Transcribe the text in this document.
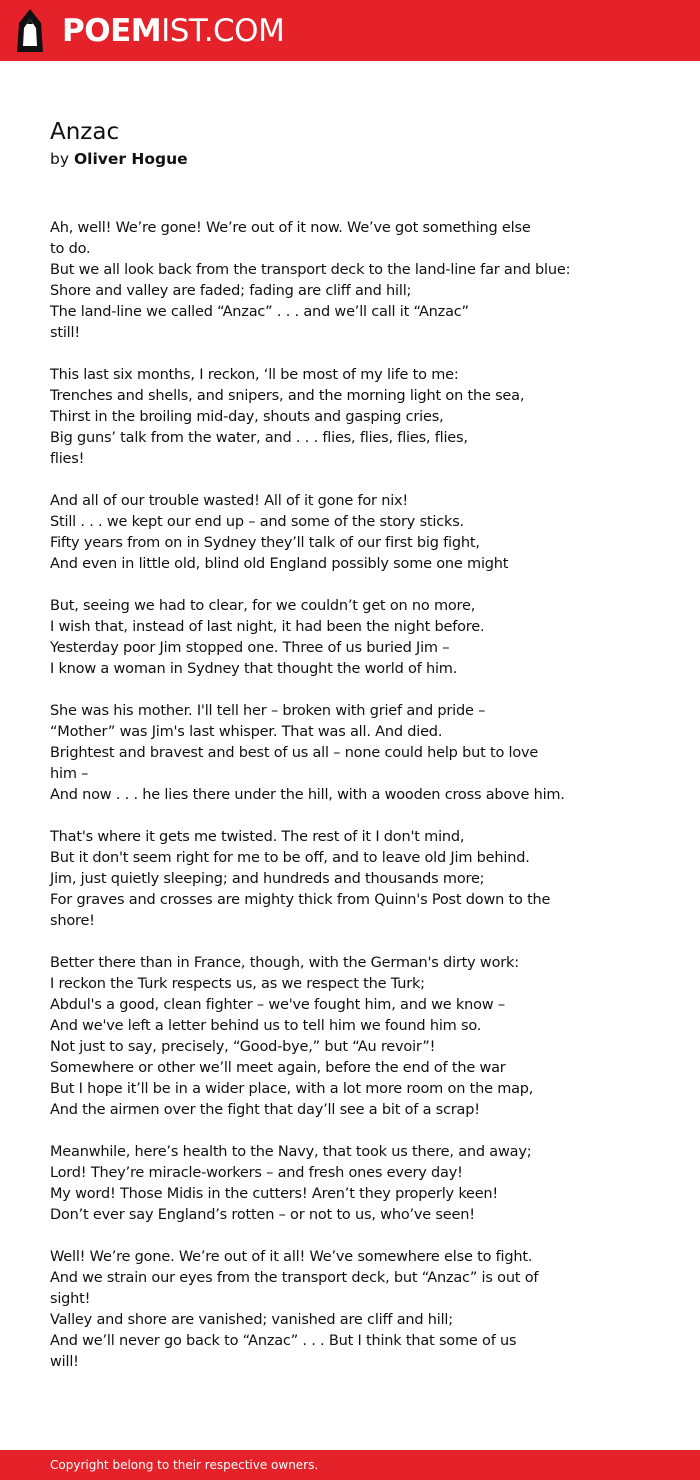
POEMIST.COM
Anzac
by Oliver Hogue
Ah, well! We’re gone! We’re out of it now. We’ve got something else
to do.
But we all look back from the transport deck to the land-line far and blue:
Shore and valley are faded; fading are cliff and hill;
The land-line we called “Anzac” . . . and we’ll call it “Anzac”
still!
This last six months, I reckon, ‘ll be most of my life to me:
Trenches and shells, and snipers, and the morning light on the sea,
Thirst in the broiling mid-day, shouts and gasping cries,
Big guns’ talk from the water, and . . . flies, flies, flies, flies,
flies!
And all of our trouble wasted! All of it gone for nix!
Still . . . we kept our end up – and some of the story sticks.
Fifty years from on in Sydney they’ll talk of our first big fight,
And even in little old, blind old England possibly some one might
But, seeing we had to clear, for we couldn’t get on no more,
I wish that, instead of last night, it had been the night before.
Yesterday poor Jim stopped one. Three of us buried Jim –
I know a woman in Sydney that thought the world of him.
She was his mother. I'll tell her – broken with grief and pride –
“Mother” was Jim's last whisper. That was all. And died.
Brightest and bravest and best of us all – none could help but to love
him –
And now . . . he lies there under the hill, with a wooden cross above him.
That's where it gets me twisted. The rest of it I don't mind,
But it don't seem right for me to be off, and to leave old Jim behind.
Jim, just quietly sleeping; and hundreds and thousands more;
For graves and crosses are mighty thick from Quinn's Post down to the
shore!
Better there than in France, though, with the German's dirty work:
I reckon the Turk respects us, as we respect the Turk;
Abdul's a good, clean fighter – we've fought him, and we know –
And we've left a letter behind us to tell him we found him so.
Not just to say, precisely, “Good-bye,” but “Au revoir”!
Somewhere or other we’ll meet again, before the end of the war
But I hope it’ll be in a wider place, with a lot more room on the map,
And the airmen over the fight that day’ll see a bit of a scrap!
Meanwhile, here’s health to the Navy, that took us there, and away;
Lord! They’re miracle-workers – and fresh ones every day!
My word! Those Midis in the cutters! Aren’t they properly keen!
Don’t ever say England’s rotten – or not to us, who’ve seen!
Well! We’re gone. We’re out of it all! We’ve somewhere else to fight.
And we strain our eyes from the transport deck, but “Anzac” is out of
sight!
Valley and shore are vanished; vanished are cliff and hill;
And we’ll never go back to “Anzac” . . . But I think that some of us
will!
Copyright belong to their respective owners.
